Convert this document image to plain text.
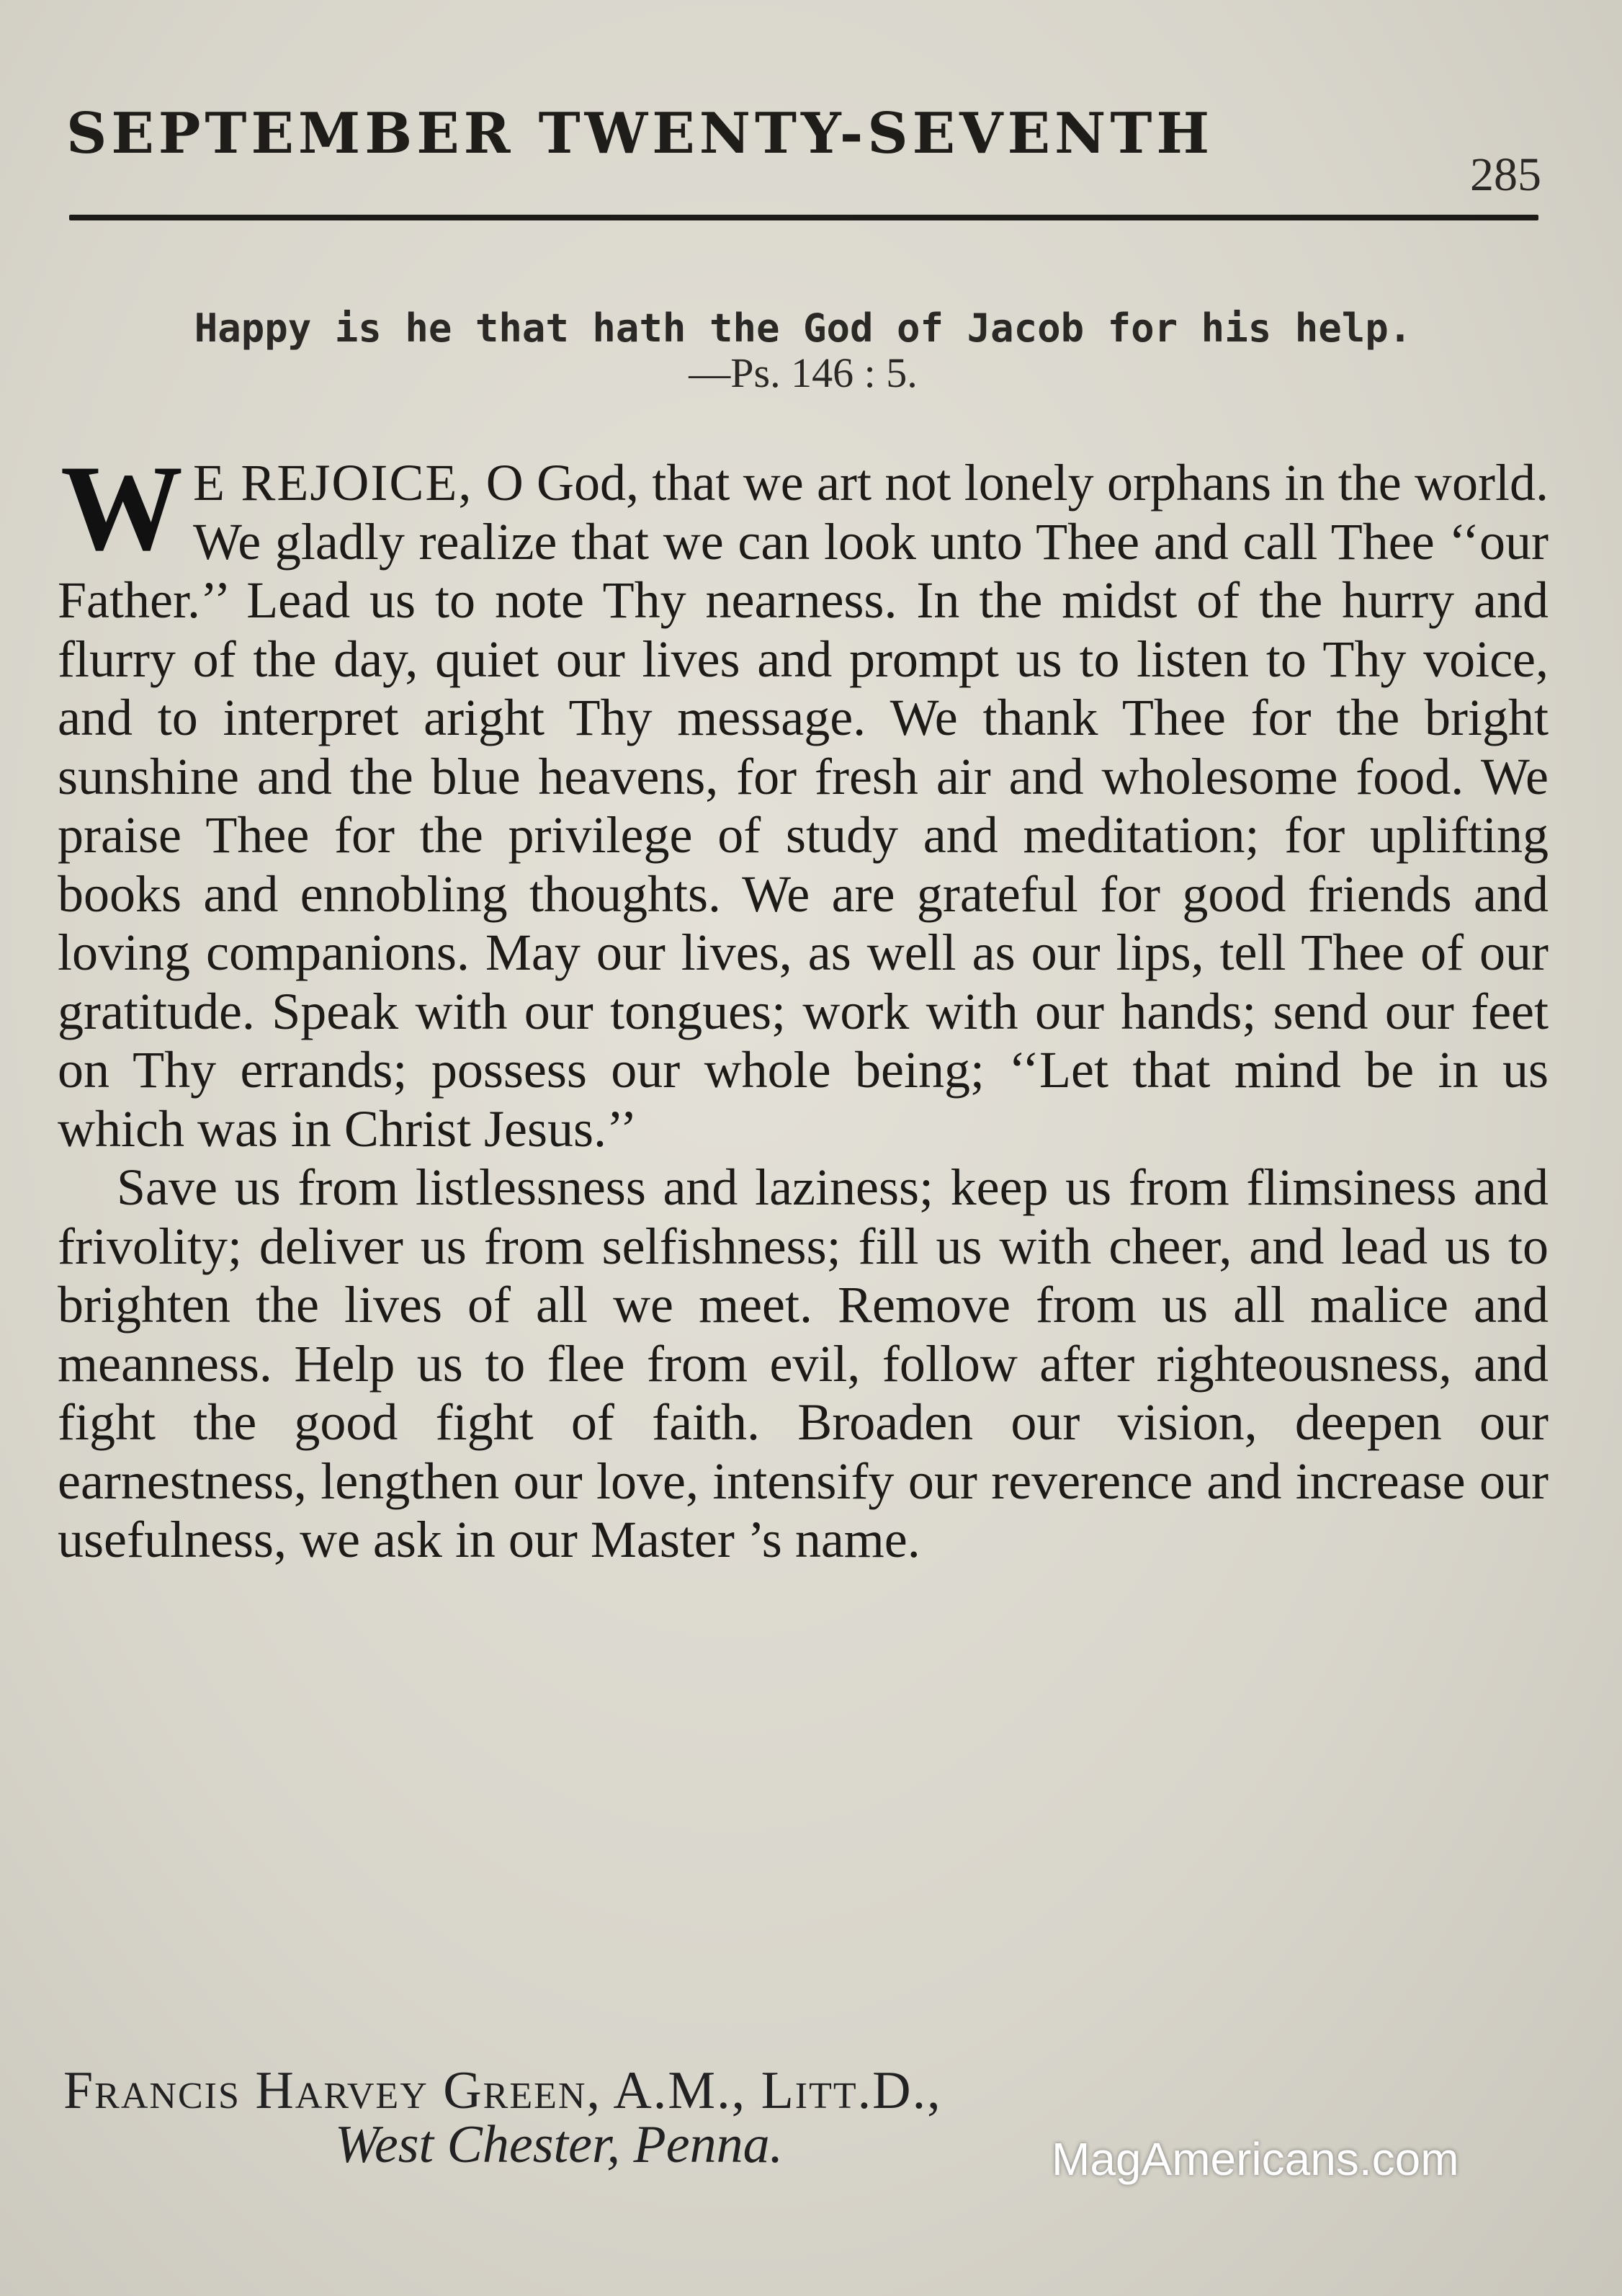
SEPTEMBER TWENTY-SEVENTH
285
Happy is he that hath the God of Jacob for his help.
—Ps. 146 : 5.

W E REJOICE, O God, that we art not lonely orphans in the world. We gladly realize that we can look unto Thee and call Thee ‘‘our Father.’’ Lead us to note Thy nearness. In the midst of the hurry and flurry of the day, quiet our lives and prompt us to listen to Thy voice, and to interpret aright Thy message. We thank Thee for the bright sunshine and the blue heavens, for fresh air and wholesome food. We praise Thee for the privilege of study and meditation; for uplifting books and ennobling thoughts. We are grateful for good friends and loving companions. May our lives, as well as our lips, tell Thee of our gratitude. Speak with our tongues; work with our hands; send our feet on Thy errands; possess our whole being; ‘‘Let that mind be in us which was in Christ Jesus.’’

Save us from listlessness and laziness; keep us from flimsiness and frivolity; deliver us from selfishness; fill us with cheer, and lead us to brighten the lives of all we meet. Remove from us all malice and meanness. Help us to flee from evil, follow after righteousness, and fight the good fight of faith. Broaden our vision, deepen our earnestness, lengthen our love, intensify our reverence and increase our usefulness, we ask in our Master ’s name.

Francis Harvey Green, A.M., Litt.D.,
West Chester, Penna.	MagAmericans.com
